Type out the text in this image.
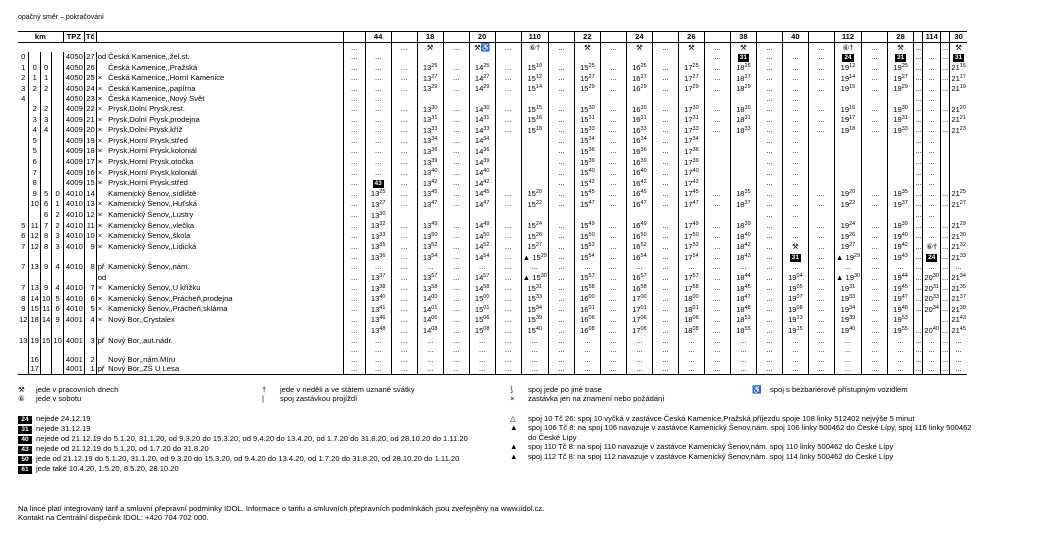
opačný směr – pokračování
km				TPZ	Tč				44		18		20		110		22		24		26		38		40		112		28		114		30
								...		...	⚒	...	⚒♿	...	⑥†	...	⚒	...	⚒	...	⚒	...	⚒	...		...	⑥†	...	⚒	...		...	⚒
0				4050	27	od	Česká Kamenice,,žel.st.	...	...													...	31	...	...	...	24	...	31	...	...	...	31
1	0	0		4050	26		Česká Kamenice,,Pražská	...	...	...	$13^{25}$	...	$14^{25}$	...	$15^{10}$	...	$15^{25}$	...	$16^{25}$	...	$17^{25}$	...	$18^{25}$	...	...	...	$19^{12}$	...	$19^{25}$	...	...	...	$21^{15}$
2	1	1		4050	25	×	Česká Kamenice,,Horní Kamenice	...	...	...	$13^{27}$	...	$14^{27}$	...	$15^{12}$	...	$15^{27}$	...	$16^{27}$	...	$17^{27}$	...	$18^{27}$	...	...	...	$19^{14}$	...	$19^{27}$	...	...	...	$21^{17}$
3	2	2		4050	24	×	Česká Kamenice,,papírna	...	...	...	$13^{29}$	...	$14^{29}$	...	$15^{14}$	...	$15^{29}$	...	$16^{29}$	...	$17^{29}$	...	$18^{29}$	...	...	...	$19^{15}$	...	$19^{29}$	...	...	...	$21^{19}$
4				4050	23	×	Česká Kamenice,,Nový Svět	...	...															...	...					...	...		
	2	2		4009	22	×	Prysk,Dolní Prysk,rest.	...	...	...	$13^{30}$	...	$14^{30}$	...	$15^{15}$	...	$15^{30}$	...	$16^{30}$	...	$17^{30}$	...	$18^{30}$	...	...	...	$19^{16}$	...	$19^{30}$	...	...	...	$21^{20}$
	3	3		4009	21	×	Prysk,Dolní Prysk,prodejna	...	...	...	$13^{31}$	...	$14^{31}$	...	$15^{16}$	...	$15^{31}$	...	$16^{31}$	...	$17^{31}$	...	$18^{31}$	...	...	...	$19^{17}$	...	$19^{31}$	...	...	...	$21^{21}$
	4	4		4009	20	×	Prysk,Dolní Prysk,kříž	...	...	...	$13^{33}$	...	$14^{33}$	...	$15^{18}$	...	$15^{33}$	...	$16^{33}$	...	$17^{33}$	...	$18^{33}$	...	...	...	$19^{18}$	...	$19^{33}$	...	...	...	$21^{23}$
	5			4009	19	×	Prysk,Horní Prysk,střed	...	...	...	$13^{34}$	...	$14^{34}$			...	$15^{34}$	...	$16^{34}$	...	$17^{34}$			...	...					...	...		
	5			4009	18	×	Prysk,Horní Prysk,koloniál	...	...	...	$13^{36}$	...	$14^{36}$			...	$15^{36}$	...	$16^{36}$	...	$17^{36}$			...	...					...	...		
	6			4009	17	×	Prysk,Horní Prysk,otočka	...	...	...	$13^{39}$	...	$14^{39}$			...	$15^{39}$	...	$16^{39}$	...	$17^{39}$			...	...					...	...		
	7			4009	16	×	Prysk,Horní Prysk,koloniál	...	...	...	$13^{40}$	...	$14^{40}$			...	$15^{40}$	...	$16^{40}$	...	$17^{40}$			...	...					...	...		
	8			4009	15	×	Prysk,Horní Prysk,střed	...	43	...	$13^{42}$	...	$14^{42}$			...	$15^{42}$	...	$16^{42}$	...	$17^{42}$			...	...					...	...		
	9	5	0	4010	14		Kamenický Šenov,,sídliště	...	$13^{25}$	...	$13^{45}$	...	$14^{45}$	...	$15^{20}$	...	$15^{45}$	...	$16^{45}$	...	$17^{45}$	...	$18^{35}$	...	...	...	$19^{20}$	...	$19^{35}$	...	...	...	$21^{25}$
	10	6	1	4010	13	×	Kamenický Šenov,,Huťská	...	$13^{27}$	...	$13^{47}$	...	$14^{47}$	...	$15^{22}$	...	$15^{47}$	...	$16^{47}$	...	$17^{47}$	...	$18^{37}$	...	...	...	$19^{22}$	...	$19^{37}$	...	...	...	$21^{27}$
		6	2	4010	12	×	Kamenický Šenov,,Lustry	...	$13^{30}$															...	...					...	...		
5	11	7	2	4010	11	×	Kamenický Šenov,,vlečka	...	$13^{32}$	...	$13^{49}$	...	$14^{49}$	...	$15^{24}$	...	$15^{49}$	...	$16^{49}$	...	$17^{49}$	...	$18^{39}$	...	...	...	$19^{24}$	...	$19^{39}$	...	...	...	$21^{29}$
6	12	8	3	4010	10	×	Kamenický Šenov,,škola	...	$13^{33}$	...	$13^{50}$	...	$14^{50}$	...	$15^{26}$	...	$15^{50}$	...	$16^{50}$	...	$17^{50}$	...	$18^{40}$	...	...	...	$19^{26}$	...	$19^{40}$	...	...	...	$21^{30}$
7	12	8	3	4010	9	×	Kamenický Šenov,,Lidická	...	$13^{35}$	...	$13^{52}$	...	$14^{52}$	...	$15^{27}$	...	$15^{52}$	...	$16^{52}$	...	$17^{52}$	...	$18^{42}$	...	⚒	...	$19^{27}$	...	$19^{42}$	...	⑥†	...	$21^{32}$
								...	$13^{36}$	...	$13^{54}$	...	$14^{54}$	...	▲ $15^{29}$	...	$15^{54}$	...	$16^{54}$	...	$17^{54}$	...	$18^{43}$	...	31	...	▲ $19^{29}$	...	$19^{43}$	...	24	...	$21^{33}$
7	13	9	4	4010	8	př	Kamenický Šenov,,nám.	...	...	...	...	...	...	...	...	...	...	...	...	...	...	...	...	...	...	...	...	...	...	...	...	...	...
						od		...	$13^{37}$	...	$13^{57}$	...	$14^{57}$	...	▲ $15^{30}$	...	$15^{57}$	...	$16^{57}$	...	$17^{57}$	...	$18^{44}$	...	$19^{04}$	...	▲ $19^{30}$	...	$19^{44}$	...	$20^{30}$	...	$21^{34}$
7	13	9	4	4010	7	×	Kamenický Šenov,,U křížku	...	$13^{38}$	...	$13^{58}$	...	$14^{58}$	...	$15^{31}$	...	$15^{58}$	...	$16^{58}$	...	$17^{58}$	...	$18^{45}$	...	$19^{05}$	...	$19^{31}$	...	$19^{45}$	...	$20^{31}$	...	$21^{35}$
8	14	10	5	4010	6	×	Kamenický Šenov,,Prácheň,prodejna	...	$13^{40}$	...	$14^{00}$	...	$15^{00}$	...	$15^{33}$	...	$16^{00}$	...	$17^{00}$	...	$18^{00}$	...	$18^{47}$	...	$19^{07}$	...	$19^{33}$	...	$19^{47}$	...	$20^{33}$	...	$21^{37}$
9	15	11	6	4010	5	×	Kamenický Šenov,,Prácheň,sklárna	...	$13^{41}$	...	$14^{01}$	...	$15^{01}$	...	$15^{34}$	...	$16^{01}$	...	$17^{01}$	...	$18^{01}$	...	$18^{48}$	...	$19^{08}$	...	$19^{34}$	...	$19^{48}$	...	$20^{34}$	...	$21^{38}$
12	18	14	9	4001	4	×	Nový Bor,,Crystalex	...	$13^{46}$	...	$14^{06}$	...	$15^{06}$	...	$15^{39}$	...	$16^{06}$	...	$17^{06}$	...	$18^{06}$	...	$18^{53}$	...	$19^{13}$	...	$19^{39}$	...	$19^{53}$			...	$21^{43}$
								...	$13^{48}$	...	$14^{08}$	...	$15^{08}$	...	$15^{40}$	...	$16^{08}$	...	$17^{08}$	...	$18^{08}$	...	$18^{55}$	...	$19^{15}$	...	$19^{40}$	...	$19^{55}$	...	$20^{40}$	...	$21^{45}$
13	19	15	10	4001	3	př	Nový Bor,,aut.nádr.	...	...	...	...	...	...	...	...	...	...	...	...	...	...	...	...	...	...	...	...	...	...	...	...	...	...
								...	...	...	...	...	...	...	...	...	...	...	...	...	...	...	...	...	...	...	...	...	...	...	...	...	...
	16			4001	2		Nový Bor,,nám.Míru	...	...	...	...	...	...	...	...	...	...	...	...	...	...	...	...	...	...	...	...	...	...	...	...	...	...
	17			4001	1	př	Nový Bor,,ZŠ U Lesa	...	...	...	...	...	...	...	...	...	...	...	...	...	...	...	...	...	...	...	...	...	...	...	...	...	...

⚒	jede v pracovních dnech
⑥	jede v sobotu
†	jede v neděli a ve státem uznané svátky
|	spoj zastávkou projíždí
⟆	spoj jede po jiné trase
×	zastávka jen na znamení nebo požádání
♿	spoj s bezbariérově přístupným vozidlem
24 nejede 24.12.19
31 nejede 31.12.19
40 nejede od 21.12.19 do 5.1.20, 31.1.20, od 9.3.20 do 15.3.20, od 9.4.20 do 13.4.20, od 1.7.20 do 31.8.20, od 28.10.20 do 1.11.20
43 nejede od 21.12.19 do 5.1.20, od 1.7.20 do 31.8.20
50 jede od 21.12.19 do 5.1.20, 31.1.20, od 9.3.20 do 15.3.20, od 9.4.20 do 13.4.20, od 1.7.20 do 31.8.20, od 28.10.20 do 1.11.20
61 jede také 10.4.20, 1.5.20, 8.5.20, 28.10.20
△	spoj 10 Tč 26: spoj 10 vyčká v zastávce Česká Kamenice,Pražská příjezdu spoje 108 linky 512402 nejvýše 5 minut
▲	spoj 106 Tč 8: na spoj 106 navazuje v zastávce Kamenický Šenov,nám. spoj 106 linky 500462 do České Lípy, spoj 116 linky 500462 do České Lípy
▲	spoj 110 Tč 8: na spoj 110 navazuje v zastávce Kamenický Šenov,nám. spoj 110 linky 500462 do České Lípy
▲	spoj 112 Tč 8: na spoj 112 navazuje v zastávce Kamenický Šenov,nám. spoj 114 linky 500462 do České Lípy
Na lince platí integrovaný tarif a smluvní přepravní podmínky IDOL. Informace o tarifu a smluvních přepravních podmínkách jsou zveřejněny na www.iidol.cz.
Kontakt na Centrální dispečink IDOL: +420 704 702 000.
